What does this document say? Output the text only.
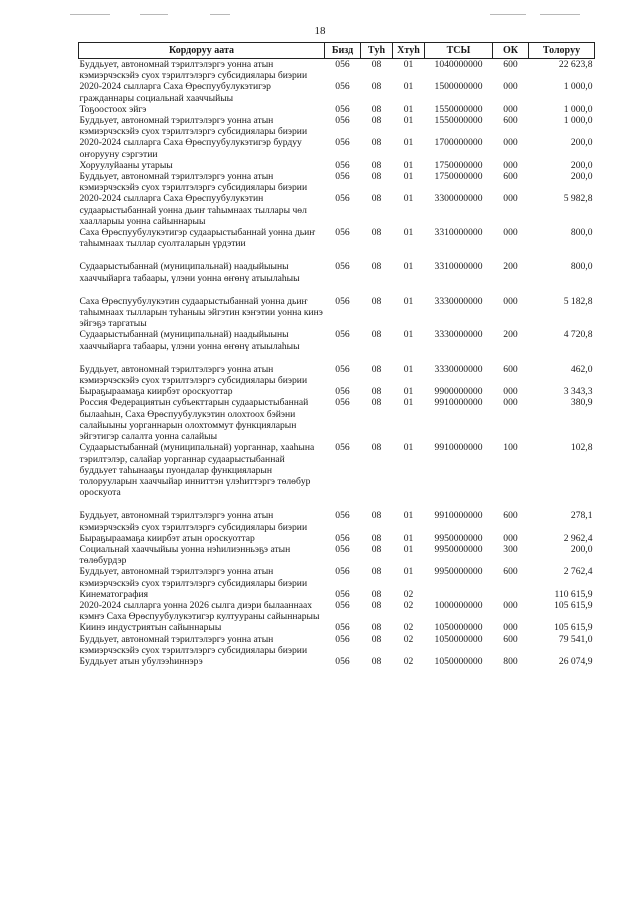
18
Кордорyy аата	Бизд	Тyh	Хтyh	ТСЫ	ОК	Толорyy
Бyддьyет, автономнай тэрилтэлэргэ уонна атын кэмиэрчэскэйэ суох тэрилтэлэргэ субсидиялары биэрии	056	08	01	1040000000	600	22 623,8
2020-2024 сылларга Саха Өрөспyyбyлyкэтигэр гражданнары социальнай хааччыйыы	056	08	01	1500000000	000	1 000,0
Тоҕоостоох эйгэ	056	08	01	1550000000	000	1 000,0
Бyддьyет, автономнай тэрилтэлэргэ уонна атын кэмиэрчэскэйэ суох тэрилтэлэргэ субсидиялары биэрии	056	08	01	1550000000	600	1 000,0
2020-2024 сылларга Саха Өрөспyyбyлyкэтигэр бурдуу оҥорууну сэргэтии	056	08	01	1700000000	000	200,0
Хоруулуйааны утарыы	056	08	01	1750000000	000	200,0
Бyддьyет, автономнай тэрилтэлэргэ уонна атын кэмиэрчэскэйэ суох тэрилтэлэргэ субсидиялары биэрии	056	08	01	1750000000	600	200,0
2020-2024 сылларга Саха Өрөспyyбyлyкэтин судаарыстыбаннай уонна дьиҥ таһымнаах тыллары чөл хаалларыы уонна сайыннарыы	056	08	01	3300000000	000	5 982,8
Саха Өрөспyyбyлyкэтигэр судаарыстыбаннай уонна дьиҥ таһымнаах тыллар суолталарын үрдэтии	056	08	01	3310000000	000	800,0
Судаарыстыбаннай (муниципальнай) наадыйыыны хааччыйарга табаары, үлэни уонна өҥөнү атыылаһыы	056	08	01	3310000000	200	800,0
Саха Өрөспyyбyлyкэтин судаарыстыбаннай уонна дьиҥ таһымнаах тылларын туһаныы эйгэтин кэҥэтии уонна кинэ эйгэҕэ таргатыы	056	08	01	3330000000	000	5 182,8
Судаарыстыбаннай (муниципальнай) наадыйыыны хааччыйарга табаары, үлэни уонна өҥөнү атыылаһыы	056	08	01	3330000000	200	4 720,8
Бyддьyет, автономнай тэрилтэлэргэ уонна атын кэмиэрчэскэйэ суох тэрилтэлэргэ субсидиялары биэрии	056	08	01	3330000000	600	462,0
Быраҕыраамаҕа киирбэт ороскуоттар	056	08	01	9900000000	000	3 343,3
Россия Федерациятын субъекттарын судаарыстыбаннай былааһын, Саха Өрөспyyбyлyкэтин олохтоох бэйэни салайыыны уорганнарын олохтоммут функцияларын эйгэтигэр салалта уонна салайыы	056	08	01	9910000000	000	380,9
Судаарыстыбаннай (муниципальнай) уорганнар, хааһына тэрилтэлэр, салайар уорганнар судаарыстыбаннай бyддьyет таһынааҕы пуондалар функцияларын толорууларын хааччыйар инниттэн үлэһиттэргэ төлөбyр ороскуота	056	08	01	9910000000	100	102,8
Бyддьyет, автономнай тэрилтэлэргэ уонна атын кэмиэрчэскэйэ суох тэрилтэлэргэ субсидиялары биэрии	056	08	01	9910000000	600	278,1
Быраҕыраамаҕа киирбэт атын ороскуоттар	056	08	01	9950000000	000	2 962,4
Социальнай хааччыйыы уонна нэһилиэнньэҕэ атын төлөбyрдэр	056	08	01	9950000000	300	200,0
Бyддьyет, автономнай тэрилтэлэргэ уонна атын кэмиэрчэскэйэ суох тэрилтэлэргэ субсидиялары биэрии	056	08	01	9950000000	600	2 762,4
Кинематография	056	08	02			110 615,9
2020-2024 сылларга уонна 2026 сылга диэри былааннаах кэмҥэ Саха Өрөспyyбyлyкэтигэр култуураны сайыннарыы	056	08	02	1000000000	000	105 615,9
Киинэ индустриятын сайыннарыы	056	08	02	1050000000	000	105 615,9
Бyддьyет, автономнай тэрилтэлэргэ уонна атын кэмиэрчэскэйэ суох тэрилтэлэргэ субсидиялары биэрии	056	08	02	1050000000	600	79 541,0
Бyддьyет атын yбyлээһиннэрэ	056	08	02	1050000000	800	26 074,9
